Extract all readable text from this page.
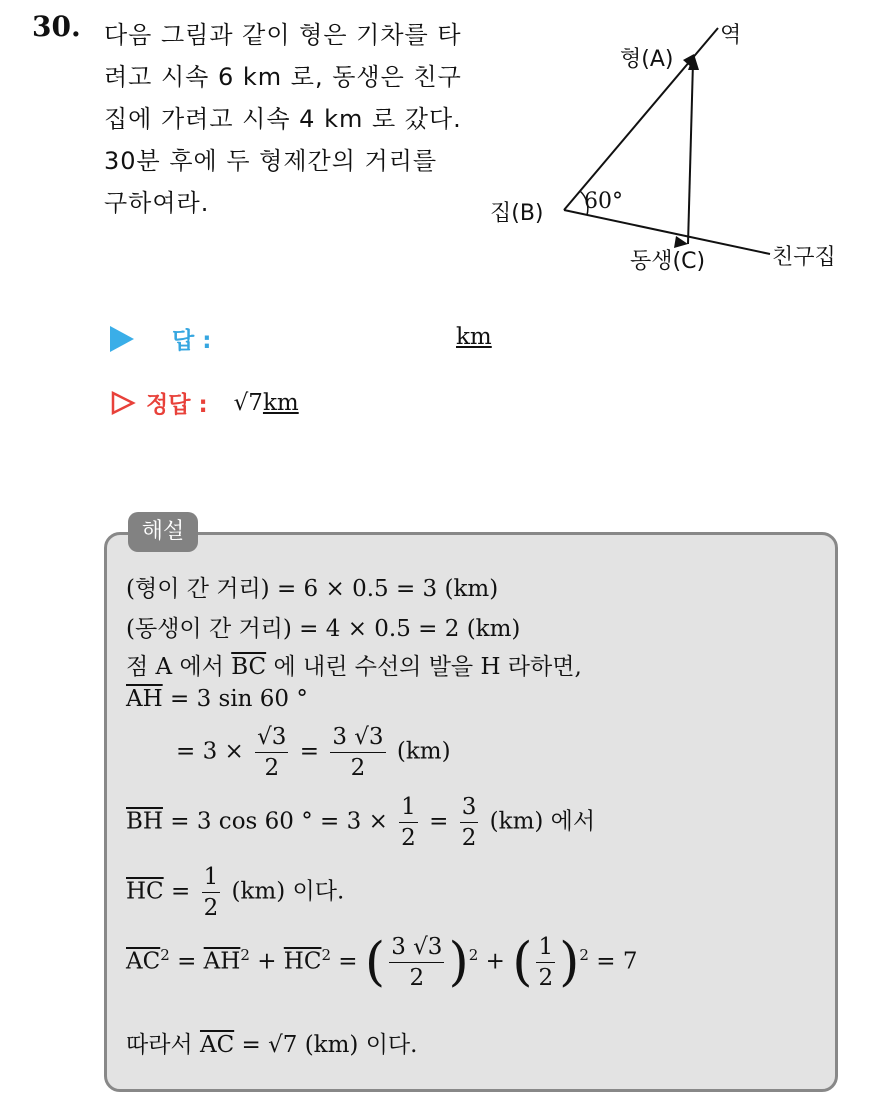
30. 다음 그림과 같이 형은 기차를 타
려고 시속 6 km 로, 동생은 친구
집에 가려고 시속 4 km 로 갔다.
30분 후에 두 형제간의 거리를
구하여라.
형(A)
역
집(B) 60°
동생(C)	친구집
답 :	km
정답 : √7km
해설
(형이 간 거리) = 6 × 0.5 = 3 (km)
(동생이 간 거리) = 4 × 0.5 = 2 (km)
점 A 에서 $\overline{BC}$ 에 내린 수선의 발을 H 라하면,
$\overline{AH} = 3$ sin 60 °
= $3 \times \frac{√3}{2} = \frac{3 √3}{2} (km)$
$\overline{BH} = 3$ cos 60 ° = $3 \times \frac{1}{2} = \frac{3}{2} (km)$ 에서
$\overline{HC} = \frac{1}{2} (km)$ 이다.
$\overline{AC}^2 = \overline{AH}^2 + \overline{HC}^2$ = ( $\frac{3 √3}{2} )^2$ + ( $\frac{1}{2} )^2 = 7$
따라서 $\overline{AC} = √7$ (km) 이다.
